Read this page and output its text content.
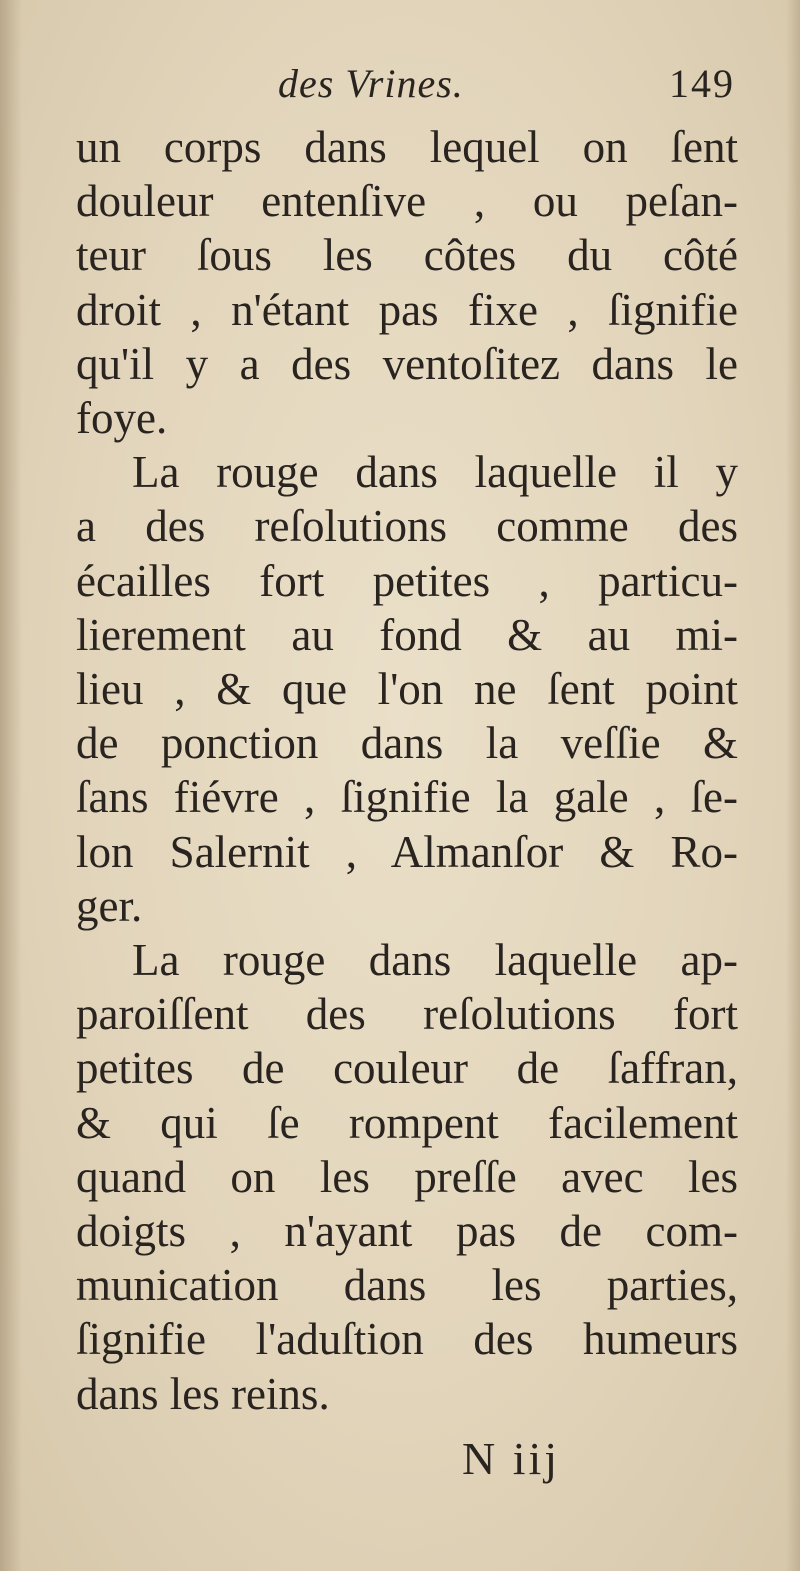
des Vrines.	149
un corps dans lequel on ſent
douleur entenſive , ou peſan-
teur ſous les côtes du côté
droit , n'étant pas fixe , ſignifie
qu'il y a des ventoſitez dans le
foye.
La rouge dans laquelle il y
a des reſolutions comme des
écailles fort petites , particu-
lierement au fond & au mi-
lieu , & que l'on ne ſent point
de ponction dans la veſſie &
ſans fiévre , ſignifie la gale , ſe-
lon Salernit , Almanſor & Ro-
ger.
La rouge dans laquelle ap-
paroiſſent des reſolutions fort
petites de couleur de ſaffran,
& qui ſe rompent facilement
quand on les preſſe avec les
doigts , n'ayant pas de com-
munication dans les parties,
ſignifie l'aduſtion des humeurs
dans les reins.
N iij
